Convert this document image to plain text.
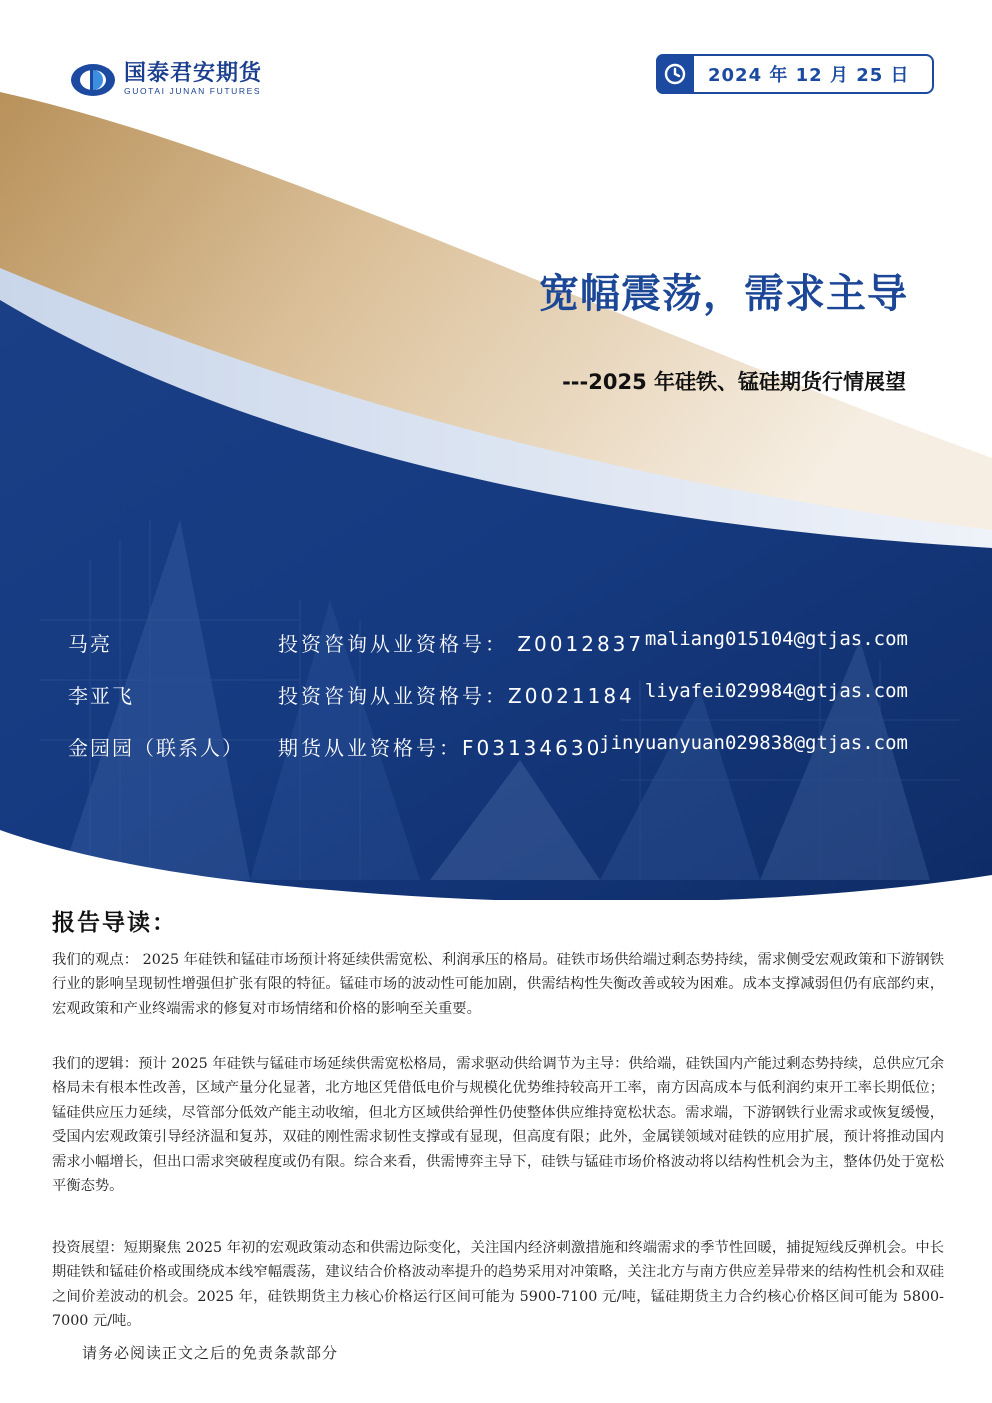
国泰君安期货
GUOTAI JUNAN FUTURES
2024 年 12 月 25 日
宽幅震荡，需求主导
---2025 年硅铁、锰硅期货行情展望
马亮	投资咨询从业资格号： Z0012837 maliang015104@gtjas.com
李亚飞	投资咨询从业资格号：Z0021184 liyafei029984@gtjas.com
金园园（联系人） 期货从业资格号：F03134630
jinyuanyuan029838@gtjas.com
报告导读：

我们的观点： 2025 年硅铁和锰硅市场预计将延续供需宽松、利润承压的格局。硅铁市场供给端过剩态势持续，需求侧受宏观政策和下游钢铁行业的影响呈现韧性增强但扩张有限的特征。锰硅市场的波动性可能加剧，供需结构性失衡改善或较为困难。成本支撑减弱但仍有底部约束，宏观政策和产业终端需求的修复对市场情绪和价格的影响至关重要。

我们的逻辑：预计 2025 年硅铁与锰硅市场延续供需宽松格局，需求驱动供给调节为主导：供给端，硅铁国内产能过剩态势持续，总供应冗余格局未有根本性改善，区域产量分化显著，北方地区凭借低电价与规模化优势维持较高开工率，南方因高成本与低利润约束开工率长期低位；锰硅供应压力延续，尽管部分低效产能主动收缩，但北方区域供给弹性仍使整体供应维持宽松状态。需求端，下游钢铁行业需求或恢复缓慢，受国内宏观政策引导经济温和复苏，双硅的刚性需求韧性支撑或有显现，但高度有限；此外，金属镁领域对硅铁的应用扩展，预计将推动国内需求小幅增长，但出口需求突破程度或仍有限。综合来看，供需博弈主导下，硅铁与锰硅市场价格波动将以结构性机会为主，整体仍处于宽松平衡态势。

投资展望：短期聚焦 2025 年初的宏观政策动态和供需边际变化，关注国内经济刺激措施和终端需求的季节性回暖，捕捉短线反弹机会。中长期硅铁和锰硅价格或围绕成本线窄幅震荡，建议结合价格波动率提升的趋势采用对冲策略，关注北方与南方供应差异带来的结构性机会和双硅之间价差波动的机会。2025 年，硅铁期货主力核心价格运行区间可能为 5900-7100 元/吨，锰硅期货主力合约核心价格区间可能为 5800-7000 元/吨。

请务必阅读正文之后的免责条款部分
